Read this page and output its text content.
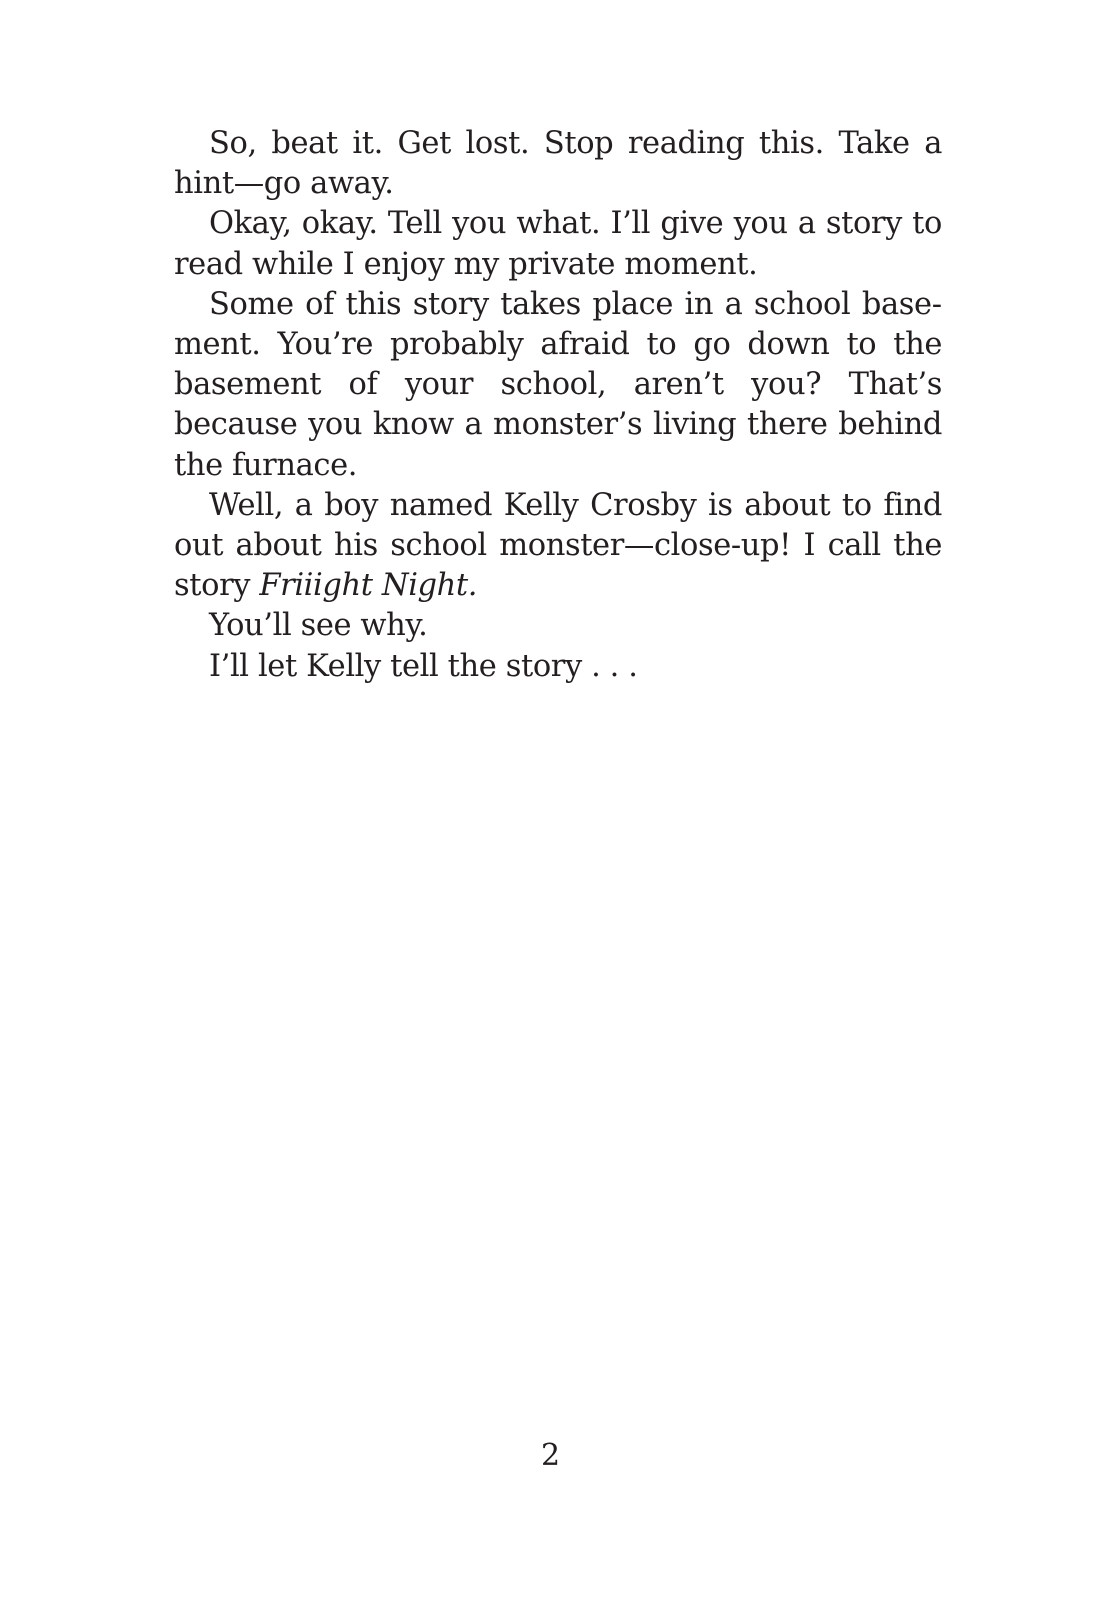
So, beat it. Get lost. Stop reading this. Take a hint—go away.

Okay, okay. Tell you what. I’ll give you a story to read while I enjoy my private moment.

Some of this story takes place in a school basement. You’re probably afraid to go down to the basement of your school, aren’t you? That’s because you know a monster’s living there behind the furnace.

Well, a boy named Kelly Crosby is about to find out about his school monster—close-up! I call the story Friiight Night.

You’ll see why.

I’ll let Kelly tell the story . . .

2
